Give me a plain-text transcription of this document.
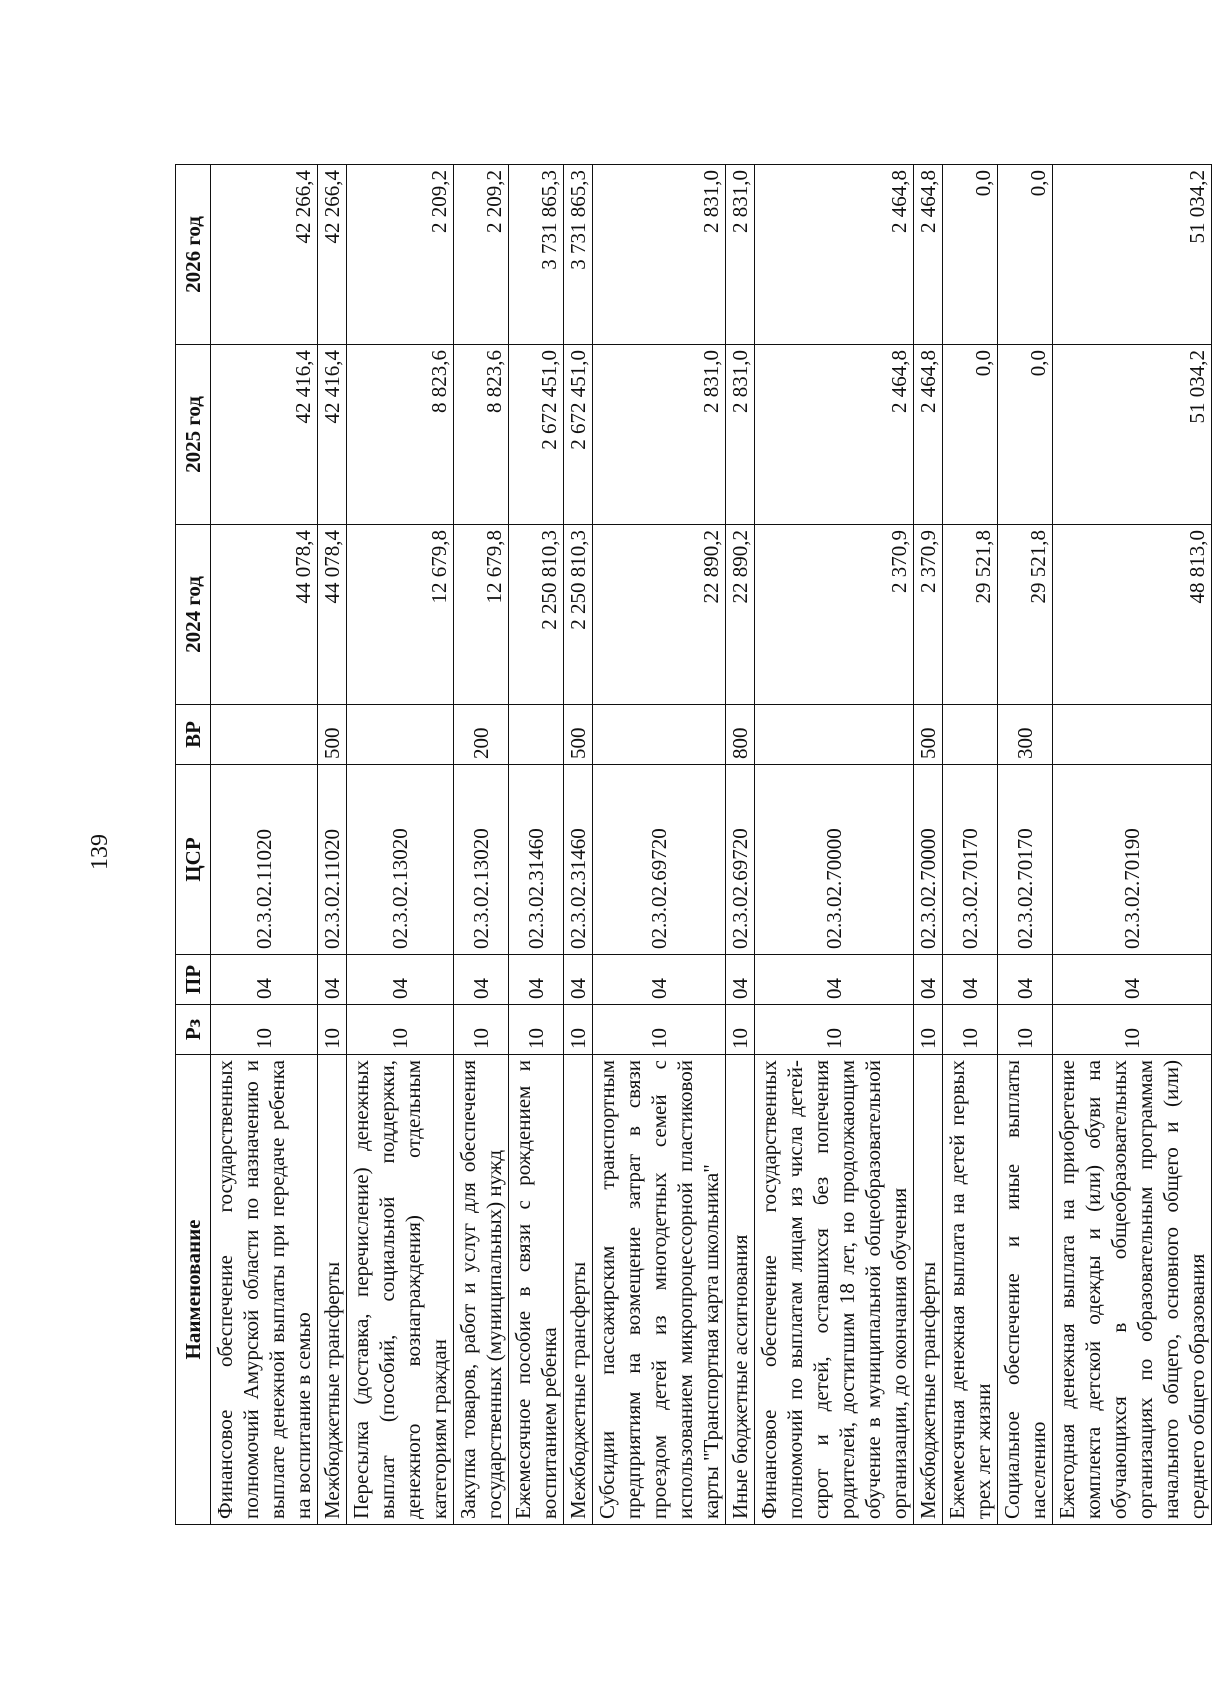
139
Наименование	Рз	ПР	ЦСР	ВР	2024 год	2025 год	2026 год
Финансовое обеспечение государственных полномочий Амурской области по назначению и выплате денежной выплаты при передаче ребенка на воспитание в семью	10	04	02.3.02.11020		44 078,4	42 416,4	42 266,4
Межбюджетные трансферты	10	04	02.3.02.11020	500	44 078,4	42 416,4	42 266,4
Пересылка (доставка, перечисление) денежных выплат (пособий, социальной поддержки, денежного вознаграждения) отдельным категориям граждан	10	04	02.3.02.13020		12 679,8	8 823,6	2 209,2
Закупка товаров, работ и услуг для обеспечения государственных (муниципальных) нужд	10	04	02.3.02.13020	200	12 679,8	8 823,6	2 209,2
Ежемесячное пособие в связи с рождением и воспитанием ребенка	10	04	02.3.02.31460		2 250 810,3	2 672 451,0	3 731 865,3
Межбюджетные трансферты	10	04	02.3.02.31460	500	2 250 810,3	2 672 451,0	3 731 865,3
Субсидии пассажирским транспортным предприятиям на возмещение затрат в связи проездом детей из многодетных семей с использованием микропроцессорной пластиковой карты "Транспортная карта школьника"	10	04	02.3.02.69720		22 890,2	2 831,0	2 831,0
Иные бюджетные ассигнования	10	04	02.3.02.69720	800	22 890,2	2 831,0	2 831,0
Финансовое обеспечение государственных полномочий по выплатам лицам из числа детей-сирот и детей, оставшихся без попечения родителей, достигшим 18 лет, но продолжающим обучение в муниципальной общеобразовательной организации, до окончания обучения	10	04	02.3.02.70000		2 370,9	2 464,8	2 464,8
Межбюджетные трансферты	10	04	02.3.02.70000	500	2 370,9	2 464,8	2 464,8
Ежемесячная денежная выплата на детей первых трех лет жизни	10	04	02.3.02.70170		29 521,8	0,0	0,0
Социальное обеспечение и иные выплаты населению	10	04	02.3.02.70170	300	29 521,8	0,0	0,0
Ежегодная денежная выплата на приобретение комплекта детской одежды и (или) обуви на обучающихся в общеобразовательных организациях по образовательным программам начального общего, основного общего и (или) среднего общего образования	10	04	02.3.02.70190		48 813,0	51 034,2	51 034,2
